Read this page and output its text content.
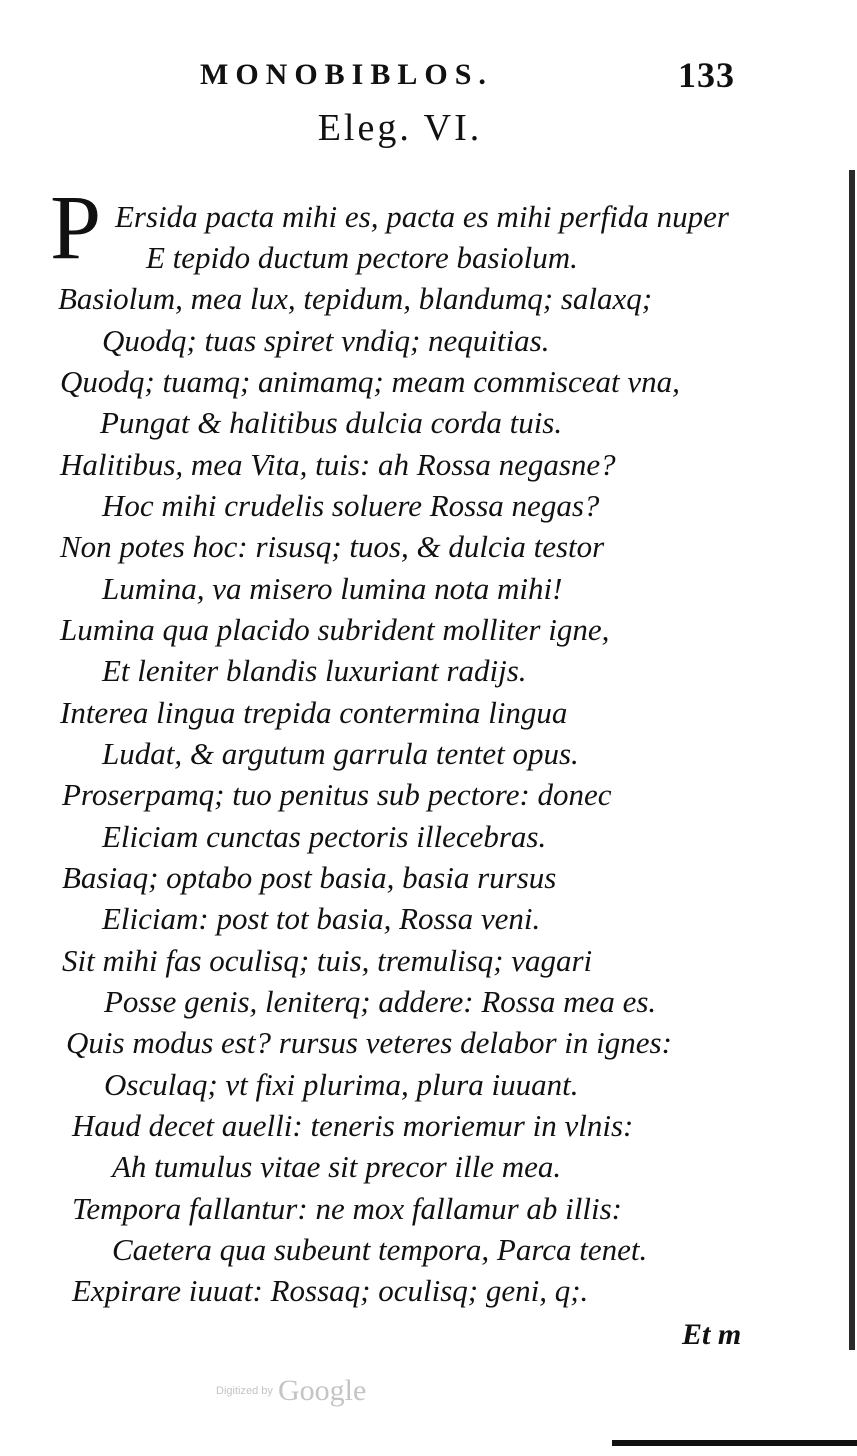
MONOBIBLOS.	133
Eleg. VI.
P Ersida pacta mihi es, pacta es mihi perfida nuper
E tepido ductum pectore basiolum.
Basiolum, mea lux, tepidum, blandumq; salaxq;
Quodq; tuas spiret vndiq; nequitias.
Quodq; tuamq; animamq; meam commisceat vna,
Pungat & halitibus dulcia corda tuis.
Halitibus, mea Vita, tuis: ah Rossa negasne?
Hoc mihi crudelis soluere Rossa negas?
Non potes hoc: risusq; tuos, & dulcia testor
Lumina, va misero lumina nota mihi!
Lumina qua placido subrident molliter igne,
Et leniter blandis luxuriant radijs.
Interea lingua trepida contermina lingua
Ludat, & argutum garrula tentet opus.
Proserpamq; tuo penitus sub pectore: donec
Eliciam cunctas pectoris illecebras.
Basiaq; optabo post basia, basia rursus
Eliciam: post tot basia, Rossa veni.
Sit mihi fas oculisq; tuis, tremulisq; vagari
Posse genis, leniterq; addere: Rossa mea es.
Quis modus est? rursus veteres delabor in ignes:
Osculaq; vt fixi plurima, plura iuuant.
Haud decet auelli: teneris moriemur in vlnis:
Ah tumulus vitae sit precor ille mea.
Tempora fallantur: ne mox fallamur ab illis:
Caetera qua subeunt tempora, Parca tenet.
Expirare iuuat: Rossaq; oculisq; geni, q;.
Et m
Digitized by Google
